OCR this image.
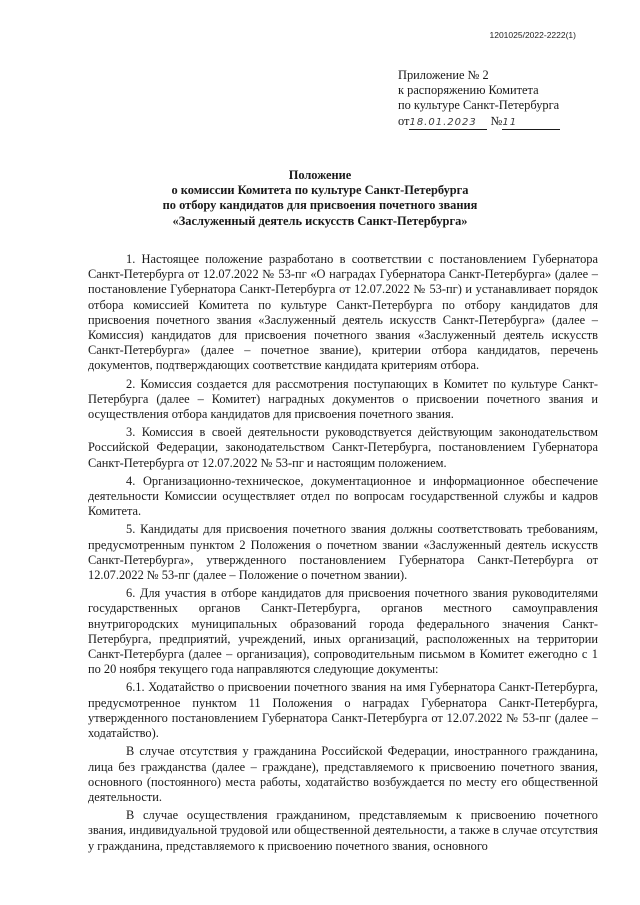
1201025/2022-2222(1)
Приложение № 2
к распоряжению Комитета
по культуре Санкт-Петербурга
от18.01.2023 №11
Положение
о комиссии Комитета по культуре Санкт-Петербурга
по отбору кандидатов для присвоения почетного звания
«Заслуженный деятель искусств Санкт-Петербурга»

1. Настоящее положение разработано в соответствии с постановлением Губернатора Санкт-Петербурга от 12.07.2022 № 53-пг «О наградах Губернатора Санкт-Петербурга» (далее – постановление Губернатора Санкт-Петербурга от 12.07.2022 № 53-пг) и устанавливает порядок отбора комиссией Комитета по культуре Санкт-Петербурга по отбору кандидатов для присвоения почетного звания «Заслуженный деятель искусств Санкт-Петербурга» (далее – Комиссия) кандидатов для присвоения почетного звания «Заслуженный деятель искусств Санкт-Петербурга» (далее – почетное звание), критерии отбора кандидатов, перечень документов, подтверждающих соответствие кандидата критериям отбора.

2. Комиссия создается для рассмотрения поступающих в Комитет по культуре Санкт-Петербурга (далее – Комитет) наградных документов о присвоении почетного звания и осуществления отбора кандидатов для присвоения почетного звания.

3. Комиссия в своей деятельности руководствуется действующим законодательством Российской Федерации, законодательством Санкт-Петербурга, постановлением Губернатора Санкт-Петербурга от 12.07.2022 № 53-пг и настоящим положением.

4. Организационно-техническое, документационное и информационное обеспечение деятельности Комиссии осуществляет отдел по вопросам государственной службы и кадров Комитета.

5. Кандидаты для присвоения почетного звания должны соответствовать требованиям, предусмотренным пунктом 2 Положения о почетном звании «Заслуженный деятель искусств Санкт-Петербурга», утвержденного постановлением Губернатора Санкт-Петербурга от 12.07.2022 № 53-пг (далее – Положение о почетном звании).

6. Для участия в отборе кандидатов для присвоения почетного звания руководителями государственных органов Санкт-Петербурга, органов местного самоуправления внутригородских муниципальных образований города федерального значения Санкт-Петербурга, предприятий, учреждений, иных организаций, расположенных на территории Санкт-Петербурга (далее – организация), сопроводительным письмом в Комитет ежегодно с 1 по 20 ноября текущего года направляются следующие документы:

6.1. Ходатайство о присвоении почетного звания на имя Губернатора Санкт-Петербурга, предусмотренное пунктом 11 Положения о наградах Губернатора Санкт-Петербурга, утвержденного постановлением Губернатора Санкт-Петербурга от 12.07.2022 № 53-пг (далее – ходатайство).

В случае отсутствия у гражданина Российской Федерации, иностранного гражданина, лица без гражданства (далее – гражданe), представляемого к присвоению почетного звания, основного (постоянного) места работы, ходатайство возбуждается по месту его общественной деятельности.

В случае осуществления гражданином, представляемым к присвоению почетного звания, индивидуальной трудовой или общественной деятельности, а также в случае отсутствия у гражданина, представляемого к присвоению почетного звания, основного
